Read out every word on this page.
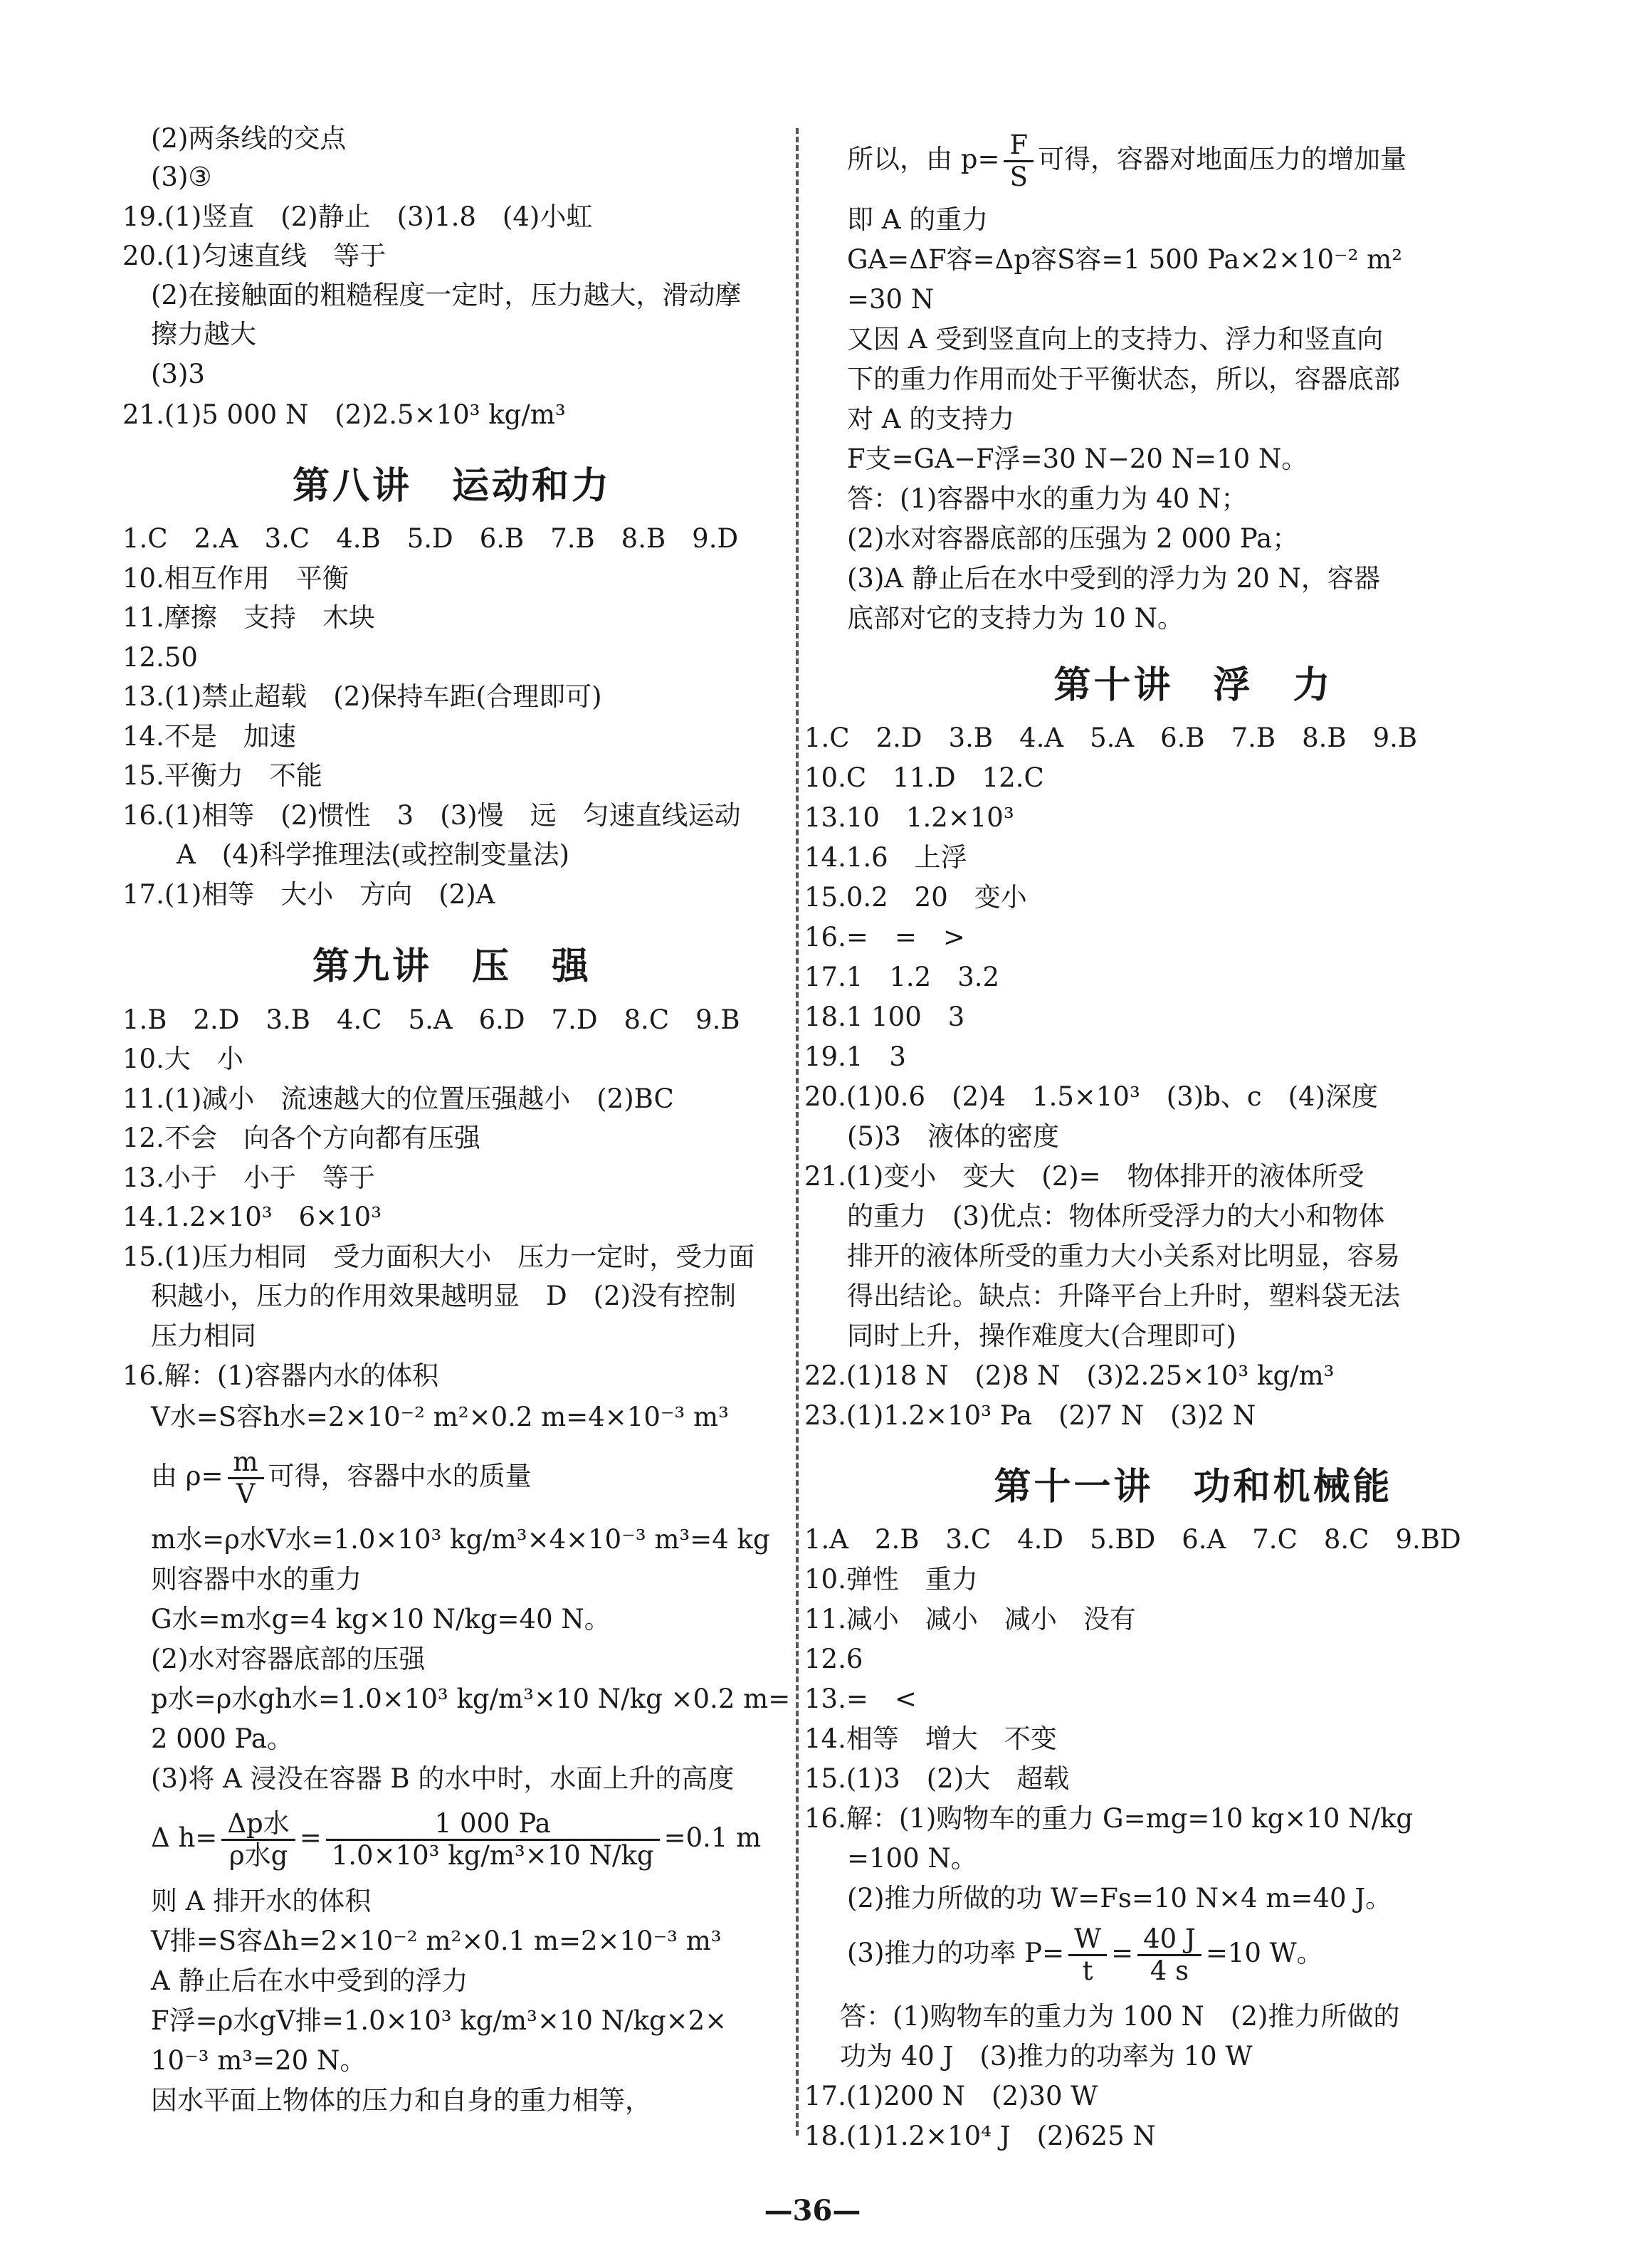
(2)两条线的交点
(3)③
19.(1)竖直　(2)静止　(3)1.8　(4)小虹
20.(1)匀速直线　等于
(2)在接触面的粗糙程度一定时，压力越大，滑动摩
擦力越大
(3)3
21.(1)5 000 N　(2)2.5×10³ kg/m³
第八讲　运动和力
1.C　2.A　3.C　4.B　5.D　6.B　7.B　8.B　9.D
10.相互作用　平衡
11.摩擦　支持　木块
12.50
13.(1)禁止超载　(2)保持车距(合理即可)
14.不是　加速
15.平衡力　不能
16.(1)相等　(2)惯性　3　(3)慢　远　匀速直线运动
A　(4)科学推理法(或控制变量法)
17.(1)相等　大小　方向　(2)A
第九讲　压　强
1.B　2.D　3.B　4.C　5.A　6.D　7.D　8.C　9.B
10.大　小
11.(1)减小　流速越大的位置压强越小　(2)BC
12.不会　向各个方向都有压强
13.小于　小于　等于
14.1.2×10³　6×10³
15.(1)压力相同　受力面积大小　压力一定时，受力面
积越小，压力的作用效果越明显　D　(2)没有控制
压力相同
16.解：(1)容器内水的体积
V水=S容h水=2×10⁻² m²×0.2 m=4×10⁻³ m³
由 $\rho= \frac{m}{V}$ 可得，容器中水的质量
m水=ρ水V水=1.0×10³ kg/m³×4×10⁻³ m³=4 kg
则容器中水的重力
G水=m水g=4 kg×10 N/kg=40 N。
(2)水对容器底部的压强
p水=ρ水gh水=1.0×10³ kg/m³×10 N/kg ×0.2 m=
2 000 Pa。
(3)将 A 浸没在容器 B 的水中时，水面上升的高度
Δ $h= \frac{\text{Δp水}}{\text{ρ水g}} = \frac{1 000 Pa}{\text{1.0×10³ kg/m³×10 N/kg}} =0.1$ m
则 A 排开水的体积
V排=S容Δh=2×10⁻² m²×0.1 m=2×10⁻³ m³
A 静止后在水中受到的浮力
F浮=ρ水gV排=1.0×10³ kg/m³×10 N/kg×2×
10⁻³ m³=20 N。
因水平面上物体的压力和自身的重力相等，
所以，由 $p= \frac{F}{S}$ 可得，容器对地面压力的增加量
即 A 的重力
GA=ΔF容=Δp容S容=1 500 Pa×2×10⁻² m²
=30 N
又因 A 受到竖直向上的支持力、浮力和竖直向
下的重力作用而处于平衡状态，所以，容器底部
对 A 的支持力
F支=GA−F浮=30 N−20 N=10 N。
答：(1)容器中水的重力为 40 N；
(2)水对容器底部的压强为 2 000 Pa；
(3)A 静止后在水中受到的浮力为 20 N，容器
底部对它的支持力为 10 N。
第十讲　浮　力
1.C　2.D　3.B　4.A　5.A　6.B　7.B　8.B　9.B
10.C　11.D　12.C
13.10　1.2×10³
14.1.6　上浮
15.0.2　20　变小
16.=　=　>
17.1　1.2　3.2
18.1 100　3
19.1　3
20.(1)0.6　(2)4　1.5×10³　(3)b、c　(4)深度
(5)3　液体的密度
21.(1)变小　变大　(2)=　物体排开的液体所受
的重力　(3)优点：物体所受浮力的大小和物体
排开的液体所受的重力大小关系对比明显，容易
得出结论。缺点：升降平台上升时，塑料袋无法
同时上升，操作难度大(合理即可)
22.(1)18 N　(2)8 N　(3)2.25×10³ kg/m³
23.(1)1.2×10³ Pa　(2)7 N　(3)2 N
第十一讲　功和机械能
1.A　2.B　3.C　4.D　5.BD　6.A　7.C　8.C　9.BD
10.弹性　重力
11.减小　减小　减小　没有
12.6
13.=　<
14.相等　增大　不变
15.(1)3　(2)大　超载
16.解：(1)购物车的重力 G=mg=10 kg×10 N/kg
=100 N。
(2)推力所做的功 W=Fs=10 N×4 m=40 J。
(3)推力的功率 $P= \frac{W}{t} = \frac{40 J}{4 s} =10$ W。
答：(1)购物车的重力为 100 N　(2)推力所做的
功为 40 J　(3)推力的功率为 10 W
17.(1)200 N　(2)30 W
18.(1)1.2×10⁴ J　(2)625 N
—36—
